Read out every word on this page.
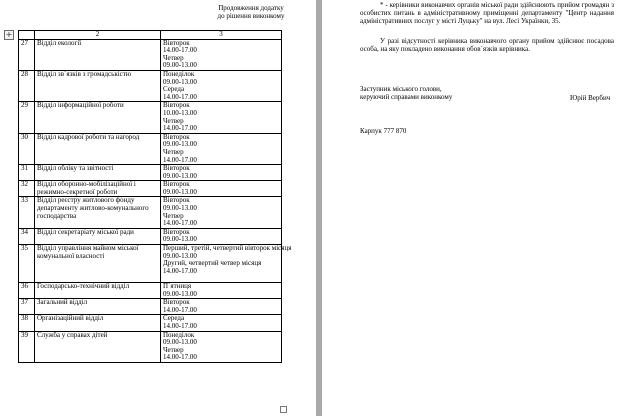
Продовження додатку
до рішення виконкому
+
		2	3
27	Відділ екології	Вівторок
14.00-17.00
Четвер
09.00-13.00

28	Відділ зв`язків з громадськістю	Понеділок
09.00-13.00
Середа
14.00-17.00

29	Відділ інформаційної роботи	Вівторок
10.00-13.00
Четвер
14.00-17.00

30	Відділ кадрової роботи та нагород	Вівторок
09.00-13.00
Четвер
14.00-17.00

31	Відділ обліку та звітності	Вівторок
09.00-13.00

32	Відділ оборонно-мобілізаційної і режимно-секретної роботи	Вівторок
09.00-13.00

33	Відділ реєстру житлового фонду департаменту житлово-комунального господарства	Вівторок
09.00-13.00
Четвер
14.00-17.00

34	Відділ секретаріату міської ради	Вівторок
09.00-13.00

35	Відділ управління майном міської комунальної власності	Перший, третій, четвертий вівторок місяця
09.00-13.00
Другий, четвертий четвер місяця
14.00-17.00

36	Господарсько-технічний відділ	П`ятниця
09.00-13.00

37	Загальний відділ	Вівторок
14.00-17.00

38	Організаційний відділ	Середа
14.00-17.00

39	Служба у справах дітей	Понеділок
09.00-13.00
Четвер
14.00-17.00
* - керівники виконавчих органів міської ради здійснюють прийом громадян з особистих питань в адміністративному приміщенні департаменту "Центр надання адміністративних послуг у місті Луцьку" на вул. Лесі Українки, 35.
У разі відсутності керівника виконавчого органу прийом здійснює посадова особа, на яку покладено виконання обов`язків керівника.
Заступник міського голови,
керуючий справами виконкому	Юрій Вербич
Карпук 777 870
